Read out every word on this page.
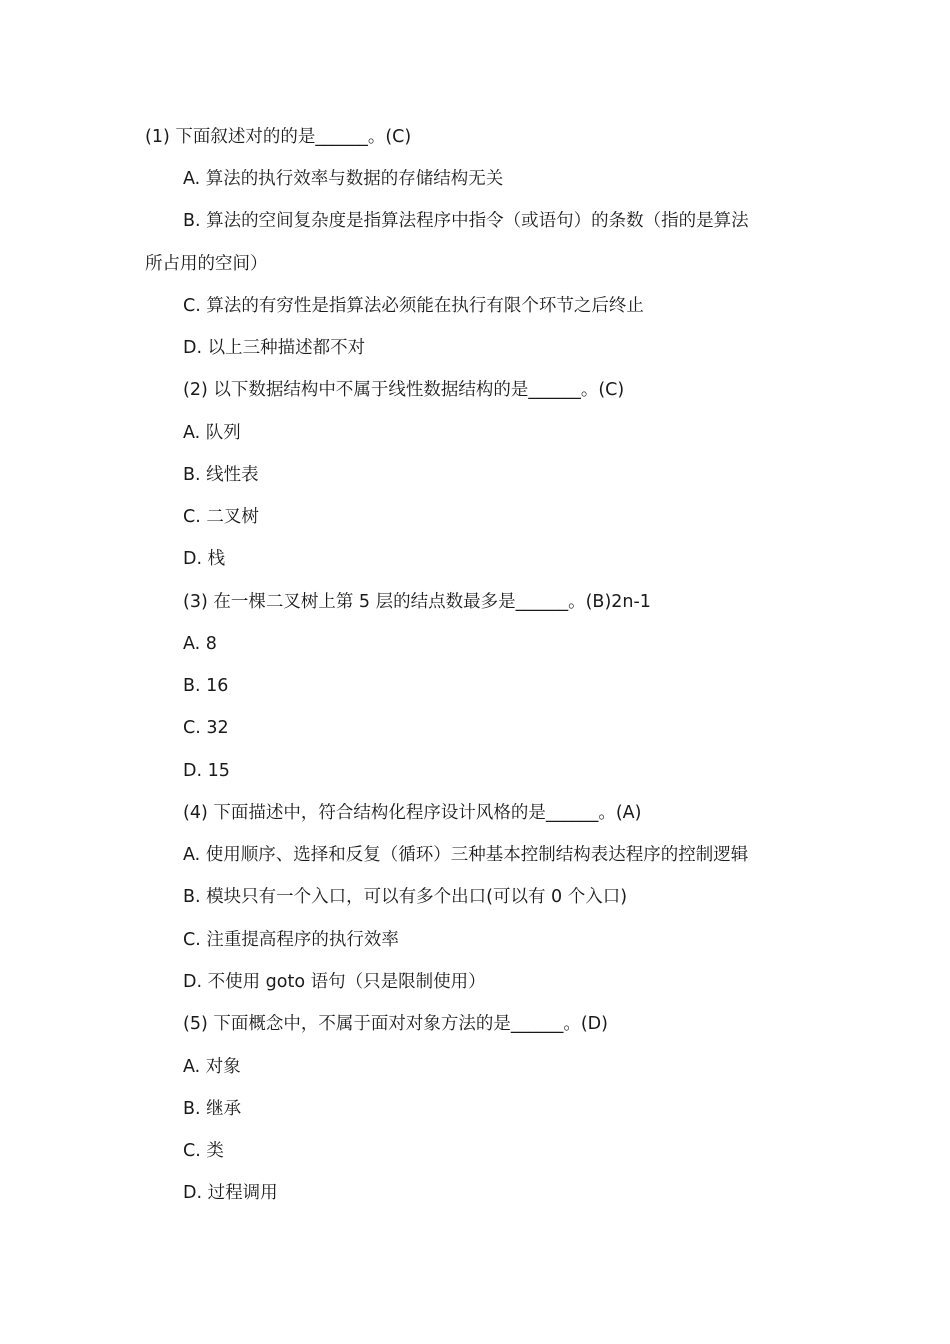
(1) 下面叙述对的的是______。(C)
A. 算法的执行效率与数据的存储结构无关
B. 算法的空间复杂度是指算法程序中指令（或语句）的条数（指的是算法
所占用的空间）
C. 算法的有穷性是指算法必须能在执行有限个环节之后终止
D. 以上三种描述都不对
(2) 以下数据结构中不属于线性数据结构的是______。(C)
A. 队列
B. 线性表
C. 二叉树
D. 栈
(3) 在一棵二叉树上第 5 层的结点数最多是______。(B)2n-1
A. 8
B. 16
C. 32
D. 15
(4) 下面描述中，符合结构化程序设计风格的是______。(A)
A. 使用顺序、选择和反复（循环）三种基本控制结构表达程序的控制逻辑
B. 模块只有一个入口，可以有多个出口(可以有 0 个入口)
C. 注重提高程序的执行效率
D. 不使用 goto 语句（只是限制使用）
(5) 下面概念中，不属于面对对象方法的是______。(D)
A. 对象
B. 继承
C. 类
D. 过程调用
